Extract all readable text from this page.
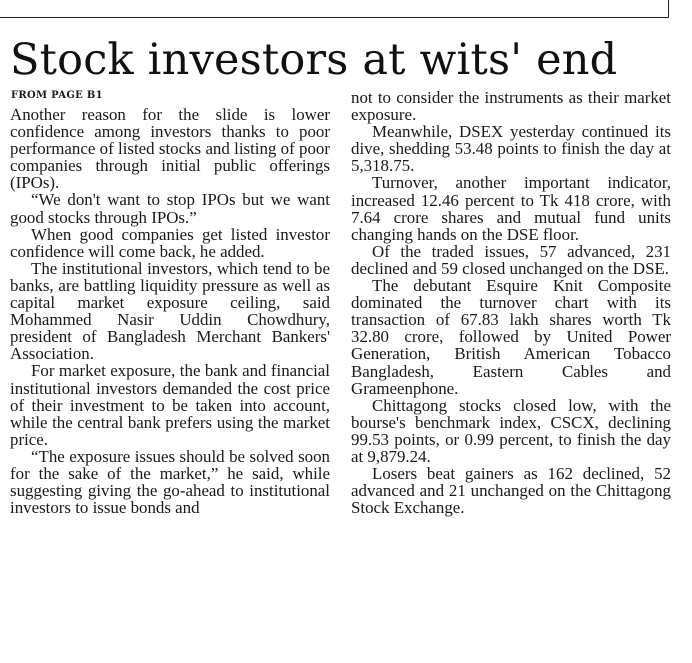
Stock investors at wits' end
FROM PAGE B1

Another reason for the slide is lower confidence among investors thanks to poor performance of listed stocks and listing of poor companies through initial public offerings (IPOs).

“We don't want to stop IPOs but we want good stocks through IPOs.”

When good companies get listed investor confidence will come back, he added.

The institutional investors, which tend to be banks, are battling liquidity pressure as well as capital market exposure ceiling, said Mohammed Nasir Uddin Chowdhury, president of Bangladesh Merchant Bankers' Association.

For market exposure, the bank and financial institutional investors demanded the cost price of their investment to be taken into account, while the central bank prefers using the market price.

“The exposure issues should be solved soon for the sake of the market,” he said, while suggesting giving the go-ahead to institutional investors to issue bonds and

not to consider the instruments as their market exposure.

Meanwhile, DSEX yesterday continued its dive, shedding 53.48 points to finish the day at 5,318.75.

Turnover, another important indicator, increased 12.46 percent to Tk 418 crore, with 7.64 crore shares and mutual fund units changing hands on the DSE floor.

Of the traded issues, 57 advanced, 231 declined and 59 closed unchanged on the DSE.

The debutant Esquire Knit Composite dominated the turnover chart with its transaction of 67.83 lakh shares worth Tk 32.80 crore, followed by United Power Generation, British American Tobacco Bangladesh, Eastern Cables and Grameenphone.

Chittagong stocks closed low, with the bourse's benchmark index, CSCX, declining 99.53 points, or 0.99 percent, to finish the day at 9,879.24.

Losers beat gainers as 162 declined, 52 advanced and 21 unchanged on the Chittagong Stock Exchange.
